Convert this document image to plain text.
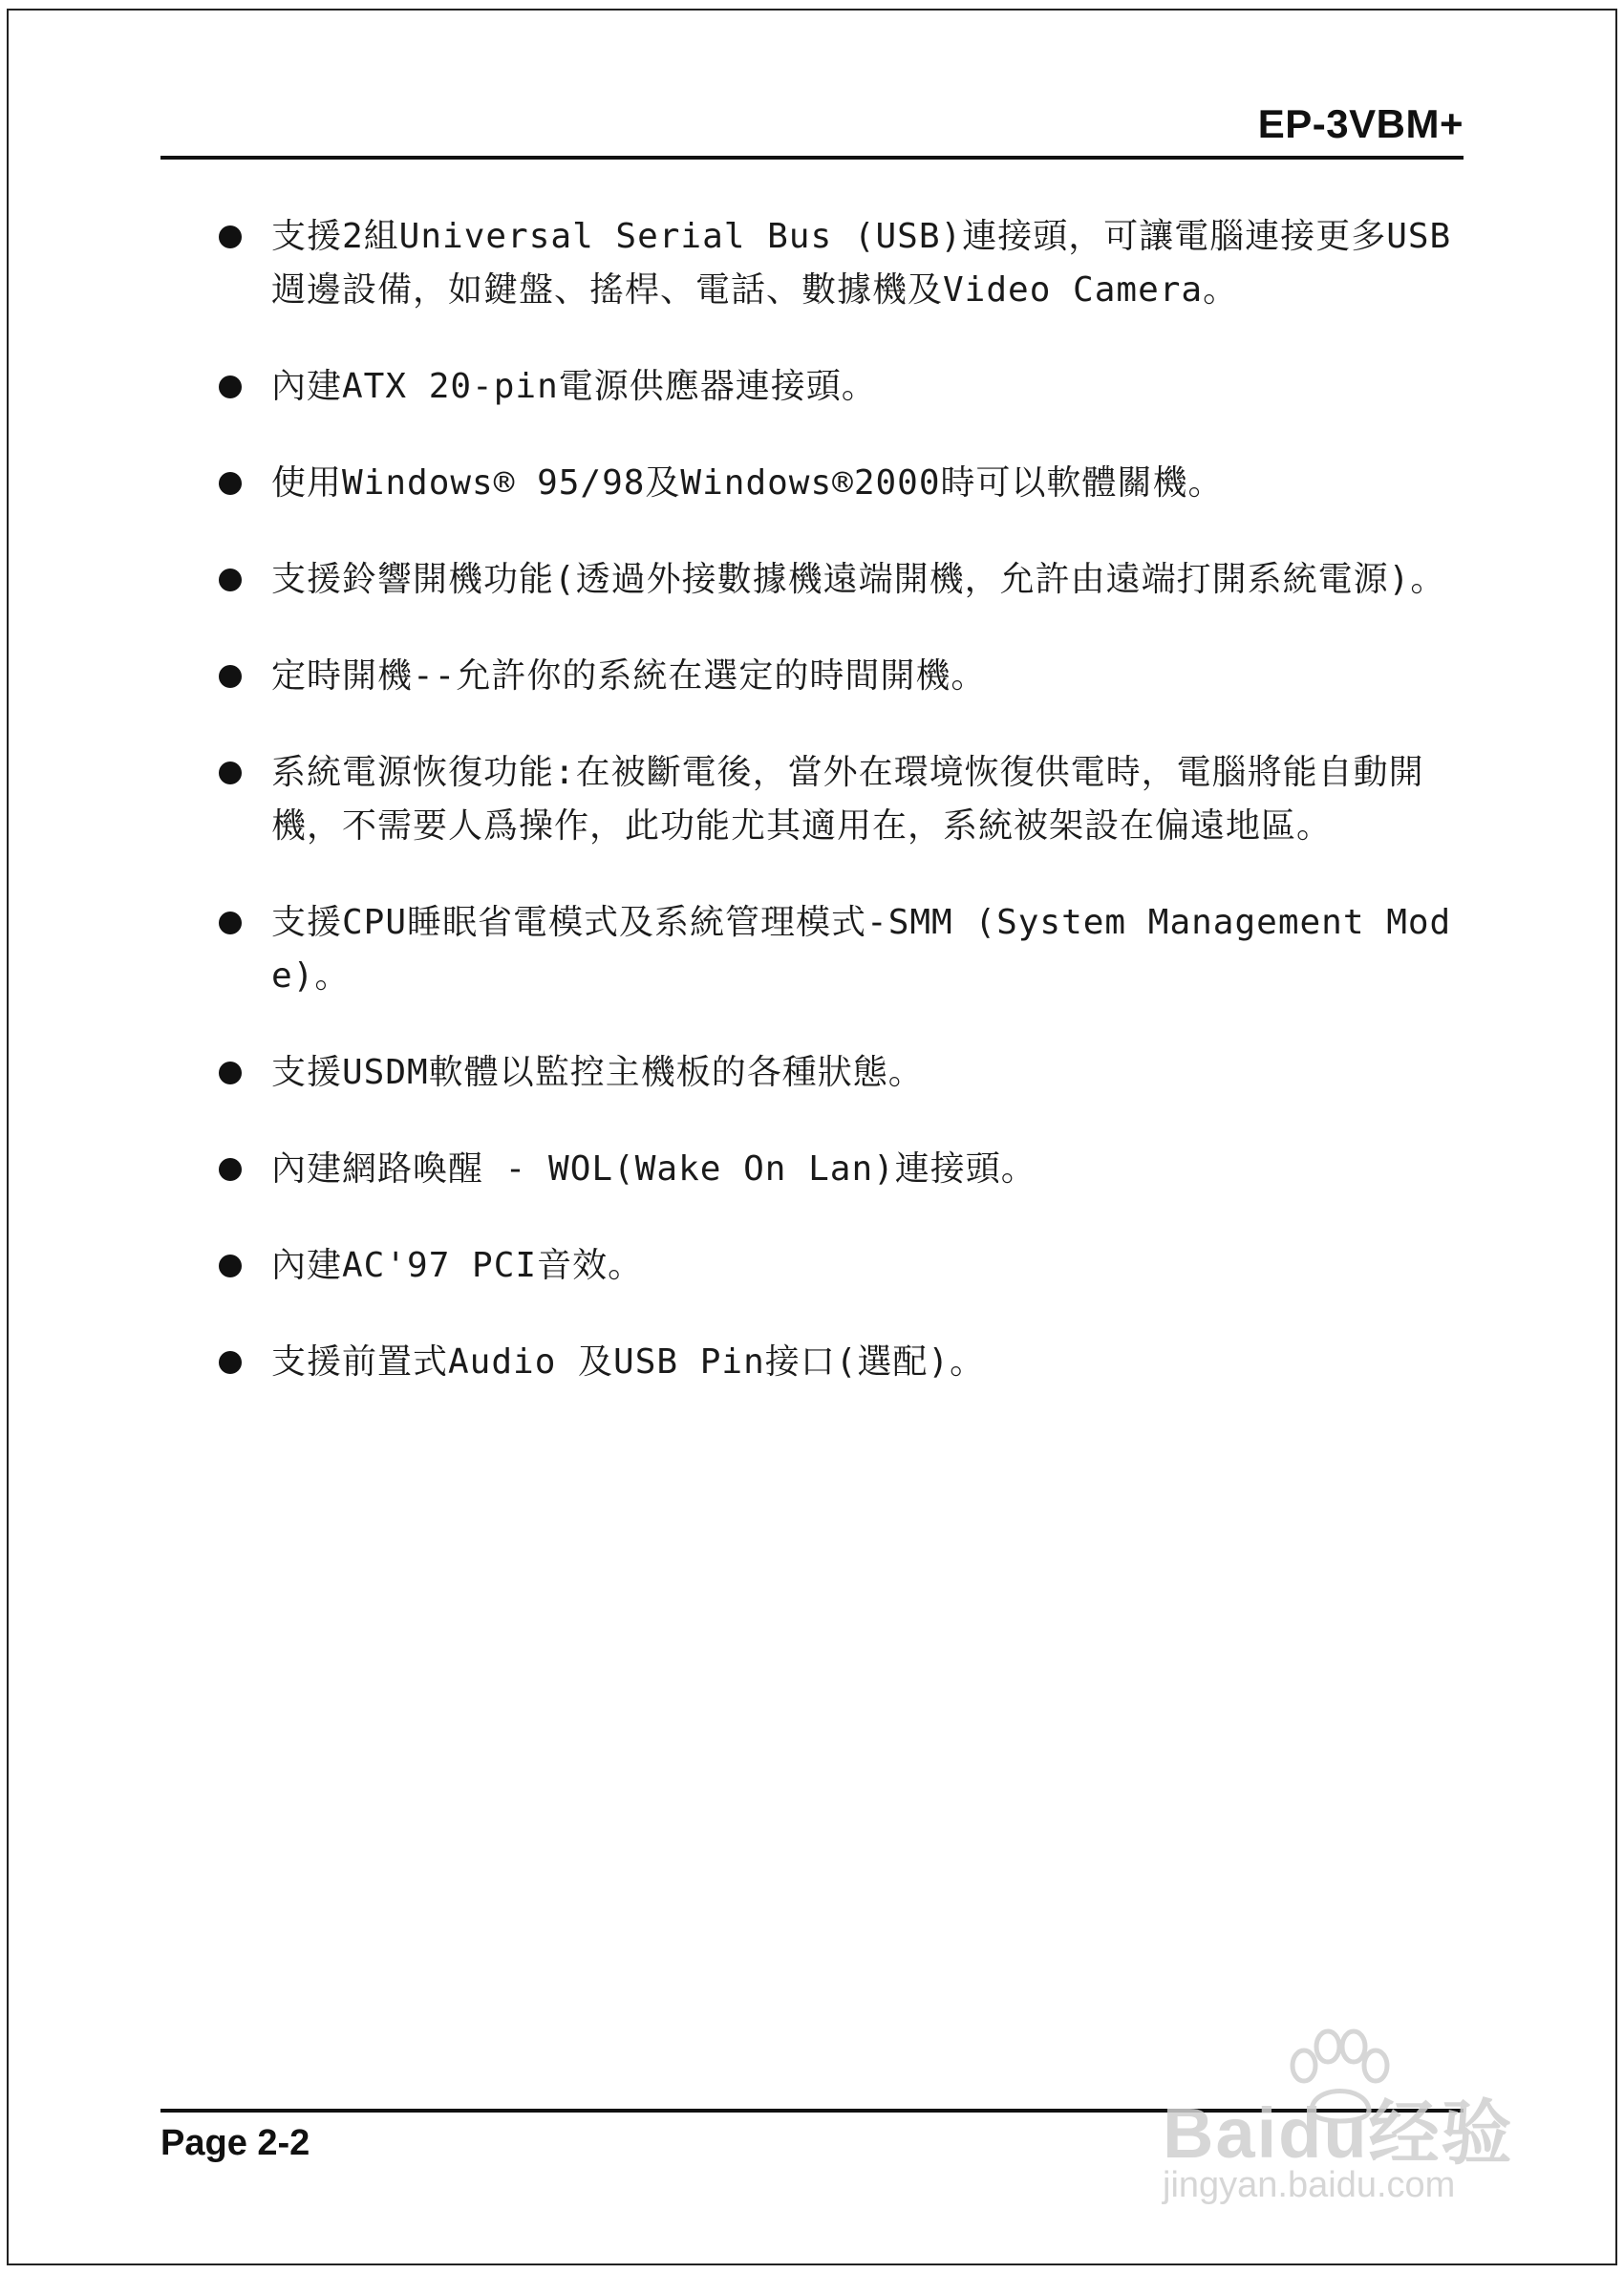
EP-3VBM+
支援2組Universal Serial Bus (USB)連接頭，可讓電腦連接更多USB週邊設備，如鍵盤、搖桿、電話、數據機及Video Camera。
內建ATX 20-pin電源供應器連接頭。
使用Windows® 95/98及Windows®2000時可以軟體關機。
支援鈴響開機功能(透過外接數據機遠端開機，允許由遠端打開系統電源)。
定時開機--允許你的系統在選定的時間開機。
系統電源恢復功能:在被斷電後，當外在環境恢復供電時，電腦將能自動開機，不需要人爲操作，此功能尤其適用在，系統被架設在偏遠地區。
支援CPU睡眠省電模式及系統管理模式-SMM (System Management Mode)。
支援USDM軟體以監控主機板的各種狀態。
內建網路喚醒 - WOL(Wake On Lan)連接頭。
內建AC'97 PCI音效。
支援前置式Audio 及USB Pin接口(選配)。
Page 2-2	Baidu经验
jingyan.baidu.com
